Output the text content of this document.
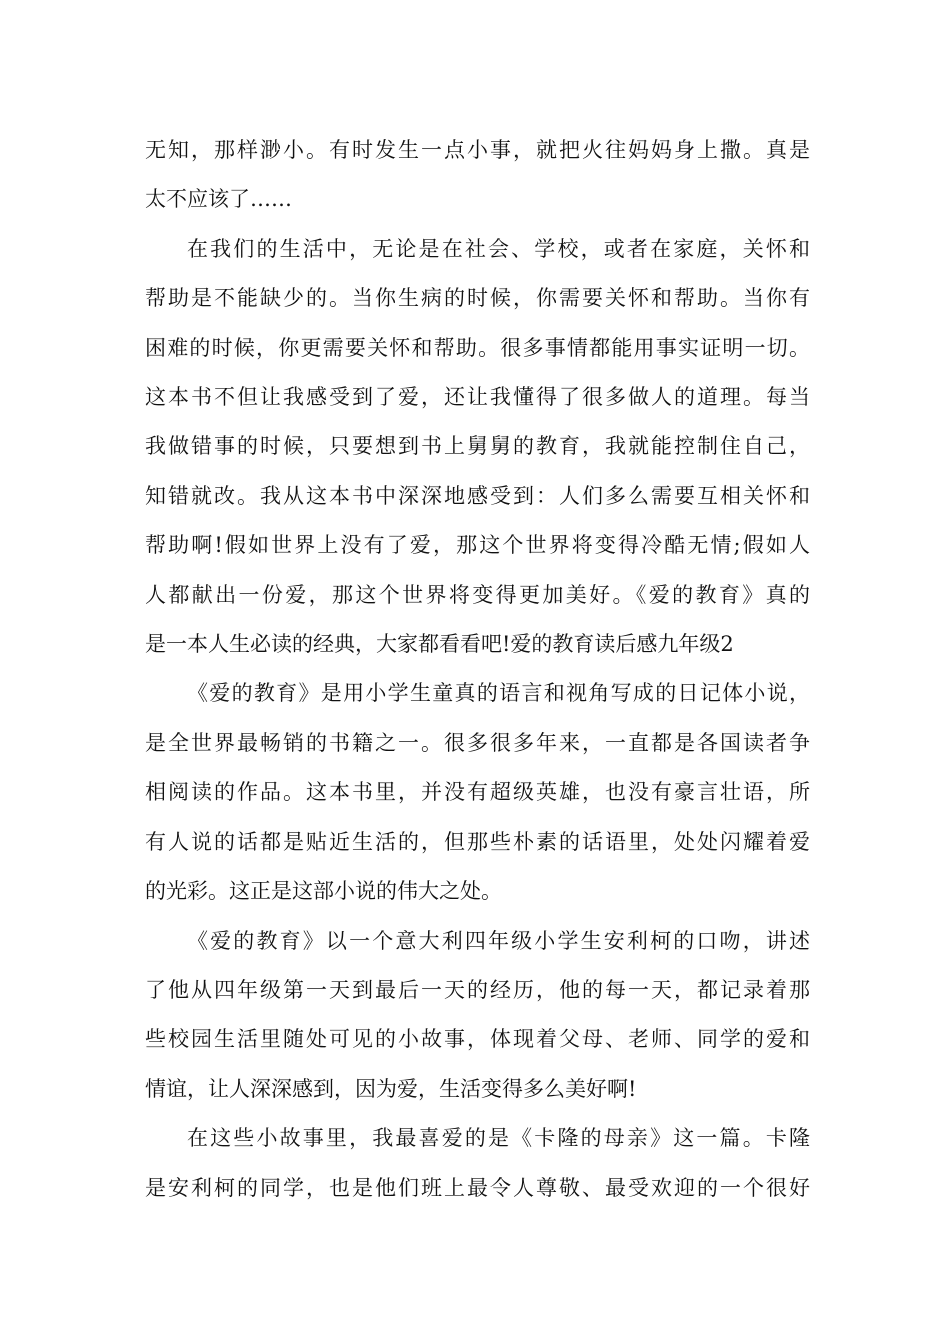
无知，那样渺小。有时发生一点小事，就把火往妈妈身上撒。真是
太不应该了……
在我们的生活中，无论是在社会、学校，或者在家庭，关怀和
帮助是不能缺少的。当你生病的时候，你需要关怀和帮助。当你有
困难的时候，你更需要关怀和帮助。很多事情都能用事实证明一切。
这本书不但让我感受到了爱，还让我懂得了很多做人的道理。每当
我做错事的时候，只要想到书上舅舅的教育，我就能控制住自己，
知错就改。我从这本书中深深地感受到：人们多么需要互相关怀和
帮助啊!假如世界上没有了爱，那这个世界将变得冷酷无情;假如人
人都献出一份爱，那这个世界将变得更加美好。《爱的教育》真的
是一本人生必读的经典，大家都看看吧!爱的教育读后感九年级2
《爱的教育》是用小学生童真的语言和视角写成的日记体小说，
是全世界最畅销的书籍之一。很多很多年来，一直都是各国读者争
相阅读的作品。这本书里，并没有超级英雄，也没有豪言壮语，所
有人说的话都是贴近生活的，但那些朴素的话语里，处处闪耀着爱
的光彩。这正是这部小说的伟大之处。
《爱的教育》以一个意大利四年级小学生安利柯的口吻，讲述
了他从四年级第一天到最后一天的经历，他的每一天，都记录着那
些校园生活里随处可见的小故事，体现着父母、老师、同学的爱和
情谊，让人深深感到，因为爱，生活变得多么美好啊!
在这些小故事里，我最喜爱的是《卡隆的母亲》这一篇。卡隆
是安利柯的同学，也是他们班上最令人尊敬、最受欢迎的一个很好
